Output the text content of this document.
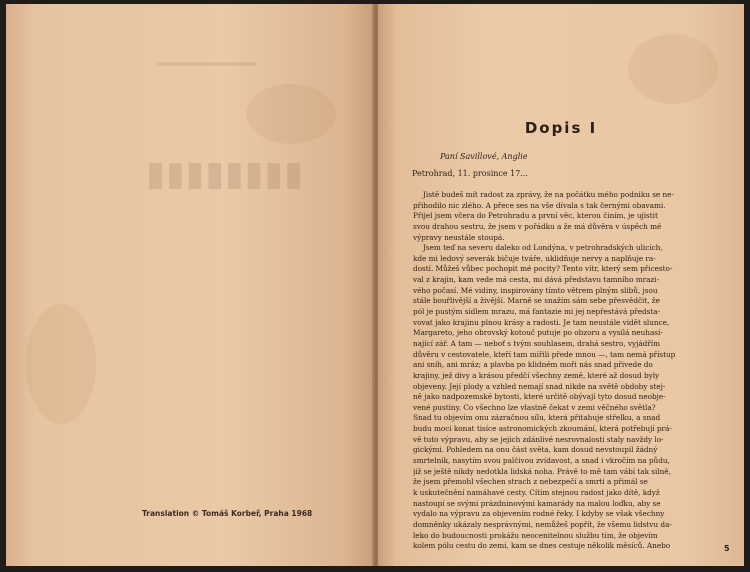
▮▮▮▮▮▮▮▮
Translation © Tomáš Korbeř, Praha 1968
Dopis I
Paní Savillové, Anglie
Petrohrad, 11. prosince 17...
Jistě budeš mít radost za zprávy, že na počátku mého podniku se ne-
přihodilo nic zlého. A přece ses na vše dívala s tak černými obavami.
Přijel jsem včera do Petrohradu a první věc, kterou činím, je ujistit
svou drahou sestru, že jsem v pořádku a že má důvěra v úspěch mé
výpravy neustále stoupá.
Jsem teď na severu daleko od Londýna, v petrohradských ulicích,
kde mi ledový severák bičuje tváře, uklidňuje nervy a naplňuje ra-
dostí. Můžeš vůbec pochopit mé pocity? Tento vítr, který sem přicesto-
val z krajin, kam vede má cesta, mi dává představu tamního mrazi-
vého počasí. Mé vidiny, inspirovány tímto větrem plným slibů, jsou
stále bouřlivější a živější. Marně se snažím sám sebe přesvědčit, že
pól je pustým sídlem mrazu, má fantazie mi jej nepřestává předsta-
vovat jako krajinu plnou krásy a radosti. Je tam neustále vidět slunce,
Margareto, jeho obrovský kotouč putuje po obzoru a vysílá neuhasí-
nající zář. A tam — neboť s tvým souhlasem, drahá sestro, vyjádřím
důvěru v cestovatele, kteří tam mířili přede mnou —, tam nemá přístup
ani sníh, ani mráz; a plavba po klidném moři nás snad přivede do
krajiny, jež divy a krásou předčí všechny země, které až dosud byly
objeveny. Její plody a vzhled nemají snad nikde na světě obdoby stej-
ně jako nadpozemské bytosti, které určitě obývají tyto dosud neobje-
vené pustiny. Co všechno lze vlastně čekat v zemi věčného světla?
Snad tu objevím onu zázračnou sílu, která přitahuje střelku, a snad
budu moci konat tisíce astronomických zkoumání, která potřebují prá-
vě tuto výpravu, aby se jejich zdánlivé nesrovnalosti staly navždy lo-
gickými. Pohledem na onu část světa, kam dosud nevstoupil žádný
smrtelník, nasytím svou palčivou zvídavost, a snad i vkročím na půdu,
jíž se ještě nikdy nedotkla lidská noha. Právě to mě tam vábí tak silně,
že jsem přemohl všechen strach z nebezpečí a smrti a přimál se
k uskutečnění namáhavé cesty. Cítím stejnou radost jako dítě, když
nastoupí se svými prázdninovými kamarády na malou loďku, aby se
vydalo na výpravu za objevením rodné řeky. I kdyby se však všechny
domněnky ukázaly nesprávnými, nemůžeš popřít, že všemu lidstvu da-
leko do budoucnosti prokážu neocenitelnou službu tím, že objevím
kolem pólu cestu do zemí, kam se dnes cestuje několik měsíců. Anebo	5
